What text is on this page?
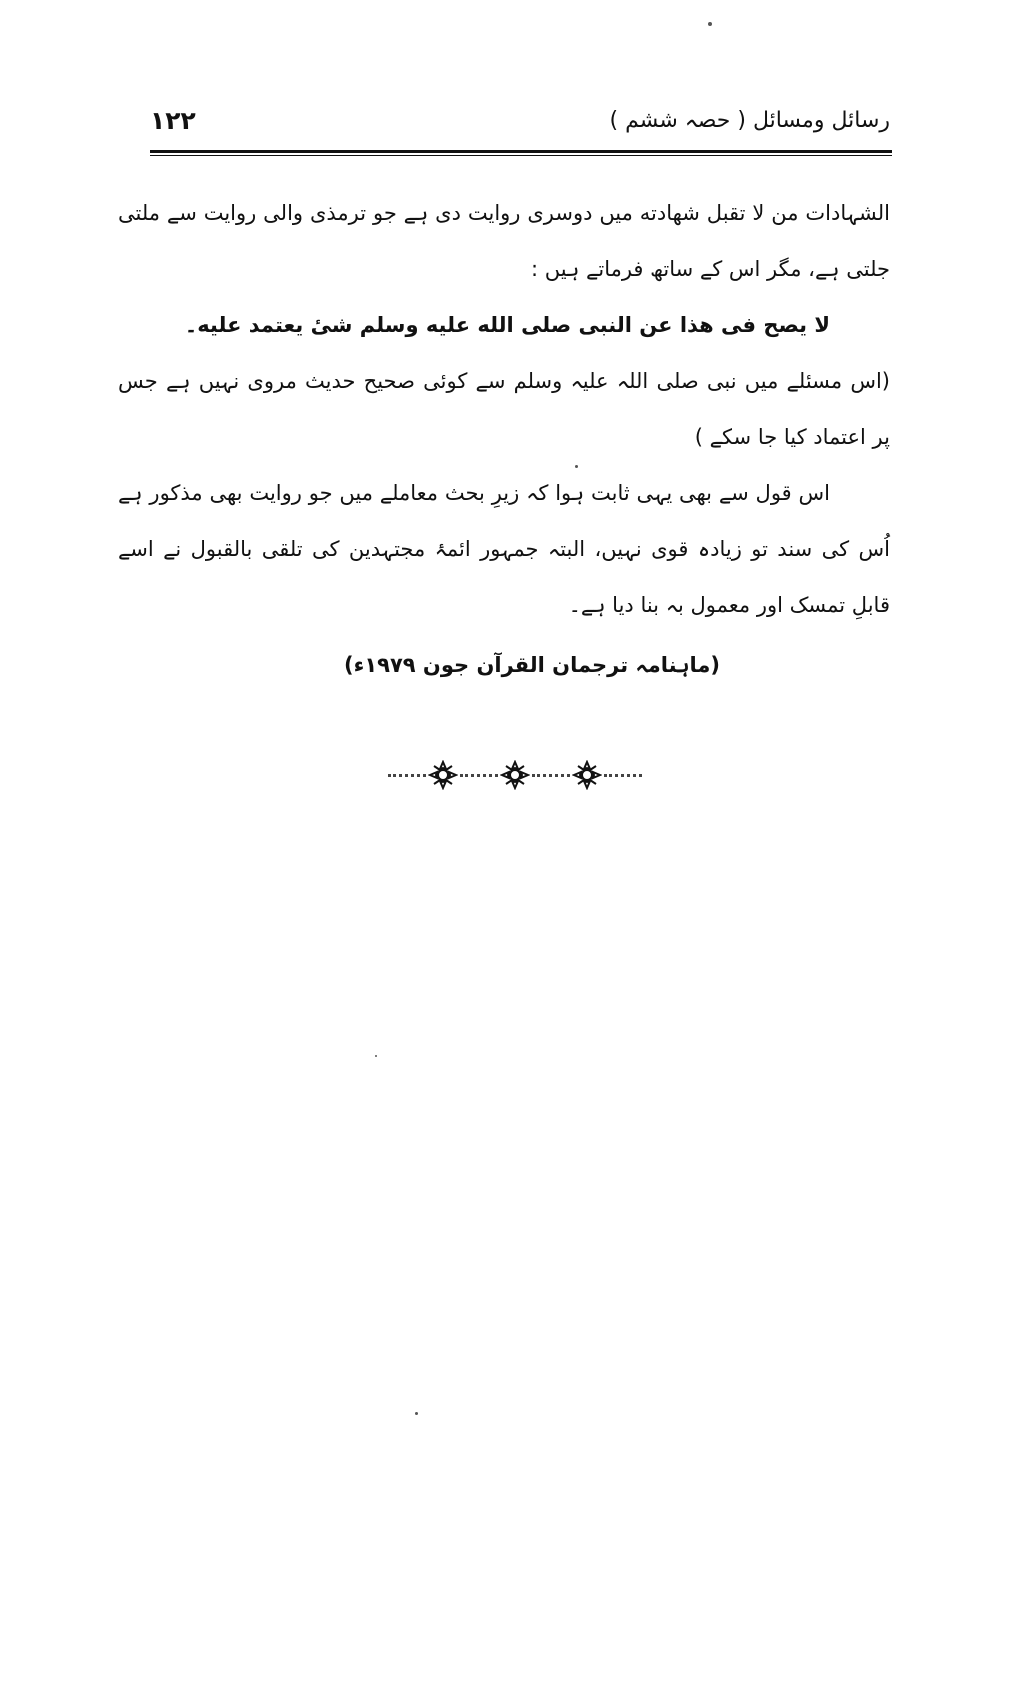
رسائل ومسائل ( حصہ ششم )
۱۲۲

الشہادات من لا تقبل شھادته میں دوسری روایت دی ہے جو ترمذی والی روایت سے ملتی جلتی ہے، مگر اس کے ساتھ فرماتے ہیں :

لا یصح فی هذا عن النبی صلی الله علیه وسلم شیٔ یعتمد علیه۔

(اس مسئلے میں نبی صلی اللہ علیہ وسلم سے کوئی صحیح حدیث مروی نہیں ہے جس پر اعتماد کیا جا سکے )

اس قول سے بھی یہی ثابت ہوا کہ زیرِ بحث معاملے میں جو روایت بھی مذکور ہے اُس کی سند تو زیادہ قوی نہیں، البتہ جمہور ائمۂ مجتہدین کی تلقی بالقبول نے اسے قابلِ تمسک اور معمول بہ بنا دیا ہے۔

(ماہنامہ ترجمان القرآن جون ۱۹۷۹ء)
